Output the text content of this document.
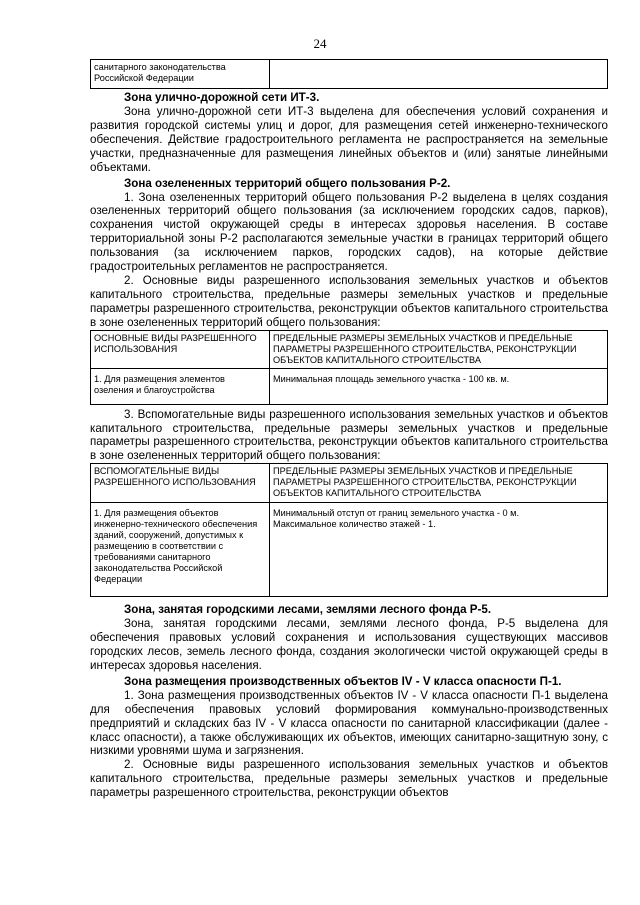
24
санитарного законодательства Российской Федерации	
Зона улично-дорожной сети ИТ-3.

Зона улично-дорожной сети ИТ-3 выделена для обеспечения условий сохранения и развития городской системы улиц и дорог, для размещения сетей инженерно-технического обеспечения. Действие градостроительного регламента не распространяется на земельные участки, предназначенные для размещения линейных объектов и (или) занятые линейными объектами.

Зона озелененных территорий общего пользования Р-2.

1. Зона озелененных территорий общего пользования Р-2 выделена в целях создания озелененных территорий общего пользования (за исключением городских садов, парков), сохранения чистой окружающей среды в интересах здоровья населения. В составе территориальной зоны Р-2 располагаются земельные участки в границах территорий общего пользования (за исключением парков, городских садов), на которые действие градостроительных регламентов не распространяется.

2. Основные виды разрешенного использования земельных участков и объектов капитального строительства, предельные размеры земельных участков и предельные параметры разрешенного строительства, реконструкции объектов капитального строительства в зоне озелененных территорий общего пользования:

ОСНОВНЫЕ ВИДЫ РАЗРЕШЕННОГО ИСПОЛЬЗОВАНИЯ	ПРЕДЕЛЬНЫЕ РАЗМЕРЫ ЗЕМЕЛЬНЫХ УЧАСТКОВ И ПРЕДЕЛЬНЫЕ ПАРАМЕТРЫ РАЗРЕШЕННОГО СТРОИТЕЛЬСТВА, РЕКОНСТРУКЦИИ ОБЪЕКТОВ КАПИТАЛЬНОГО СТРОИТЕЛЬСТВА
1. Для размещения элементов озеления и благоустройства	Минимальная площадь земельного участка - 100 кв. м.

3. Вспомогательные виды разрешенного использования земельных участков и объектов капитального строительства, предельные размеры земельных участков и предельные параметры разрешенного строительства, реконструкции объектов капитального строительства в зоне озелененных территорий общего пользования:

ВСПОМОГАТЕЛЬНЫЕ ВИДЫ РАЗРЕШЕННОГО ИСПОЛЬЗОВАНИЯ	ПРЕДЕЛЬНЫЕ РАЗМЕРЫ ЗЕМЕЛЬНЫХ УЧАСТКОВ И ПРЕДЕЛЬНЫЕ ПАРАМЕТРЫ РАЗРЕШЕННОГО СТРОИТЕЛЬСТВА, РЕКОНСТРУКЦИИ ОБЪЕКТОВ КАПИТАЛЬНОГО СТРОИТЕЛЬСТВА
1. Для размещения объектов инженерно-технического обеспечения зданий, сооружений, допустимых к размещению в соответствии с требованиями санитарного законодательства Российской Федерации	Минимальный отступ от границ земельного участка - 0 м.
Максимальное количество этажей - 1.
Зона, занятая городскими лесами, землями лесного фонда Р-5.

Зона, занятая городскими лесами, землями лесного фонда, Р-5 выделена для обеспечения правовых условий сохранения и использования существующих массивов городских лесов, земель лесного фонда, создания экологически чистой окружающей среды в интересах здоровья населения.

Зона размещения производственных объектов IV - V класса опасности П-1.

1. Зона размещения производственных объектов IV - V класса опасности П-1 выделена для обеспечения правовых условий формирования коммунально-производственных предприятий и складских баз IV - V класса опасности по санитарной классификации (далее - класс опасности), а также обслуживающих их объектов, имеющих санитарно-защитную зону, с низкими уровнями шума и загрязнения.

2. Основные виды разрешенного использования земельных участков и объектов капитального строительства, предельные размеры земельных участков и предельные параметры разрешенного строительства, реконструкции объектов
